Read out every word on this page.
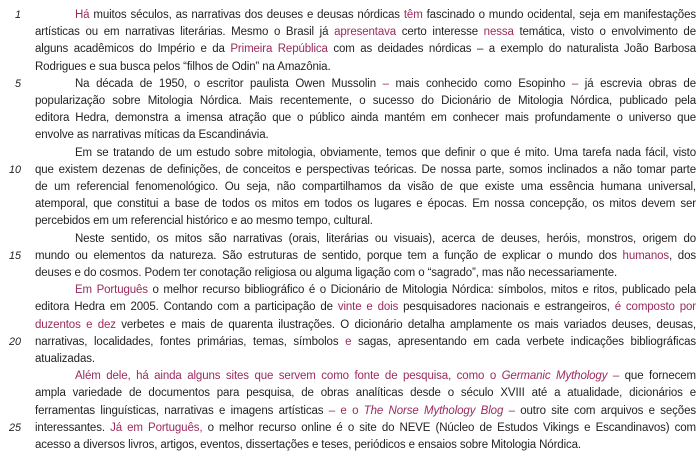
1	Há muitos séculos, as narrativas dos deuses e deusas nórdicas têm fascinado o mundo ocidental, seja em manifestações
artísticas ou em narrativas literárias. Mesmo o Brasil já apresentava certo interesse nessa temática, visto o envolvimento de
alguns acadêmicos do Império e da Primeira República com as deidades nórdicas – a exemplo do naturalista João Barbosa
Rodrigues e sua busca pelos “filhos de Odin” na Amazônia.
5	Na década de 1950, o escritor paulista Owen Mussolin – mais conhecido como Esopinho – já escrevia obras de
popularização sobre Mitologia Nórdica. Mais recentemente, o sucesso do Dicionário de Mitologia Nórdica, publicado pela
editora Hedra, demonstra a imensa atração que o público ainda mantém em conhecer mais profundamente o universo que
envolve as narrativas míticas da Escandinávia.
Em se tratando de um estudo sobre mitologia, obviamente, temos que definir o que é mito. Uma tarefa nada fácil, visto
10	que existem dezenas de definições, de conceitos e perspectivas teóricas. De nossa parte, somos inclinados a não tomar parte
de um referencial fenomenológico. Ou seja, não compartilhamos da visão de que existe uma essência humana universal,
atemporal, que constitui a base de todos os mitos em todos os lugares e épocas. Em nossa concepção, os mitos devem ser
percebidos em um referencial histórico e ao mesmo tempo, cultural.
Neste sentido, os mitos são narrativas (orais, literárias ou visuais), acerca de deuses, heróis, monstros, origem do
15	mundo ou elementos da natureza. São estruturas de sentido, porque tem a função de explicar o mundo dos humanos, dos
deuses e do cosmos. Podem ter conotação religiosa ou alguma ligação com o “sagrado”, mas não necessariamente.
Em Português o melhor recurso bibliográfico é o Dicionário de Mitologia Nórdica: símbolos, mitos e ritos, publicado pela
editora Hedra em 2005. Contando com a participação de vinte e dois pesquisadores nacionais e estrangeiros, é composto por
duzentos e dez verbetes e mais de quarenta ilustrações. O dicionário detalha amplamente os mais variados deuses, deusas,
20	narrativas, localidades, fontes primárias, temas, símbolos e sagas, apresentando em cada verbete indicações bibliográficas
atualizadas.
Além dele, há ainda alguns sites que servem como fonte de pesquisa, como o Germanic Mythology – que fornecem
ampla variedade de documentos para pesquisa, de obras analíticas desde o século XVIII até a atualidade, dicionários e
ferramentas linguísticas, narrativas e imagens artísticas – e o The Norse Mythology Blog – outro site com arquivos e seções
25	interessantes. Já em Português, o melhor recurso online é o site do NEVE (Núcleo de Estudos Vikings e Escandinavos) com
acesso a diversos livros, artigos, eventos, dissertações e teses, periódicos e ensaios sobre Mitologia Nórdica.
